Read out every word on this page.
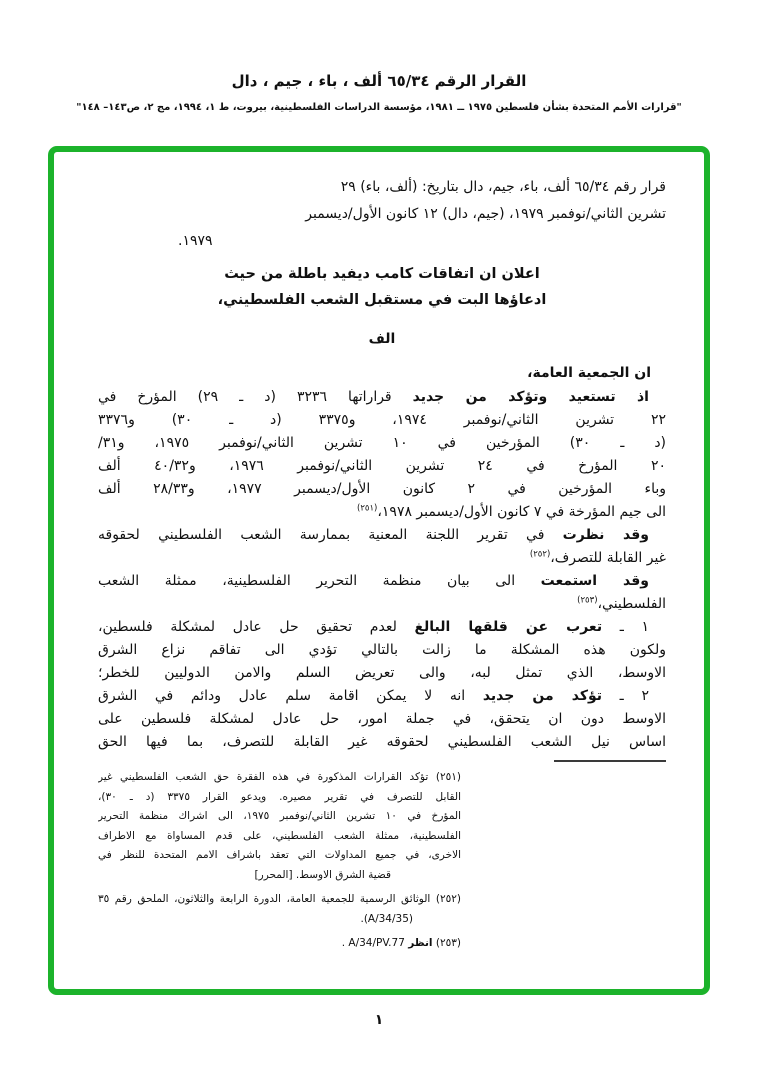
القرار الرقم ٦٥/٣٤ ألف ، باء ، جيم ، دال
"قرارات الأمم المتحدة بشأن فلسطين ١٩٧٥ ــ ١٩٨١، مؤسسة الدراسات الفلسطينية، بيروت، ط ١، ١٩٩٤، مج ٢، ص١٤٣– ١٤٨"
قرار رقم ٦٥/٣٤ ألف، باء، جيم، دال بتاريخ: (ألف، باء) ٢٩
تشرين الثاني/نوفمبر ١٩٧٩، (جيم، دال) ١٢ كانون الأول/ديسمبر
١٩٧٩.
اعلان ان اتفاقات كامب ديفيد باطلة من حيث
ادعاؤها البت في مستقبل الشعب الفلسطيني،
الف
ان الجمعية العامة،
اذ تستعيد وتؤكد من جديد قراراتها ٣٢٣٦ (د ـ ٢٩) المؤرخ في
٢٢ تشرين الثاني/نوفمبر ١٩٧٤، و٣٣٧٥ (د ـ ٣٠) و٣٣٧٦
(د ـ ٣٠) المؤرخين في ١٠ تشرين الثاني/نوفمبر ١٩٧٥، و٣١/
٢٠ المؤرخ في ٢٤ تشرين الثاني/نوفمبر ١٩٧٦، و٤٠/٣٢ ألف
وباء المؤرخين في ٢ كانون الأول/ديسمبر ١٩٧٧، و٢٨/٣٣ ألف
الى جيم المؤرخة في ٧ كانون الأول/ديسمبر ١٩٧٨،$^{(٢٥١)}$
وقد نظرت في تقرير اللجنة المعنية بممارسة الشعب الفلسطيني لحقوقه
غير القابلة للتصرف،$^{(٢٥٢)}$
وقد استمعت الى بيان منظمة التحرير الفلسطينية، ممثلة الشعب
الفلسطيني،$^{(٢٥٣)}$
١ ـ تعرب عن قلقها البالغ لعدم تحقيق حل عادل لمشكلة فلسطين،
ولكون هذه المشكلة ما زالت بالتالي تؤدي الى تفاقم نزاع الشرق
الاوسط، الذي تمثل لبه، والى تعريض السلم والامن الدوليين للخطر؛
٢ ـ تؤكد من جديد انه لا يمكن اقامة سلم عادل ودائم في الشرق
الاوسط دون ان يتحقق، في جملة امور، حل عادل لمشكلة فلسطين على
اساس نيل الشعب الفلسطيني لحقوقه غير القابلة للتصرف، بما فيها الحق
(٢٥١) تؤكد القرارات المذكورة في هذه الفقرة حق الشعب الفلسطيني غير
القابل للتصرف في تقرير مصيره. ويدعو القرار ٣٣٧٥ (د ـ ٣٠)،
المؤرخ في ١٠ تشرين الثاني/نوفمبر ١٩٧٥، الى اشراك منظمة التحرير
الفلسطينية، ممثلة الشعب الفلسطيني، على قدم المساواة مع الاطراف
الاخرى، في جميع المداولات التي تعقد باشراف الامم المتحدة للنظر في
قضية الشرق الاوسط. [المحرر]
(٢٥٢) الوثائق الرسمية للجمعية العامة، الدورة الرابعة والثلاثون، الملحق رقم ٣٥
‎(A/34/35)‎.
(٢٥٣) انظر ‎A/34/PV.77‎ .
١
